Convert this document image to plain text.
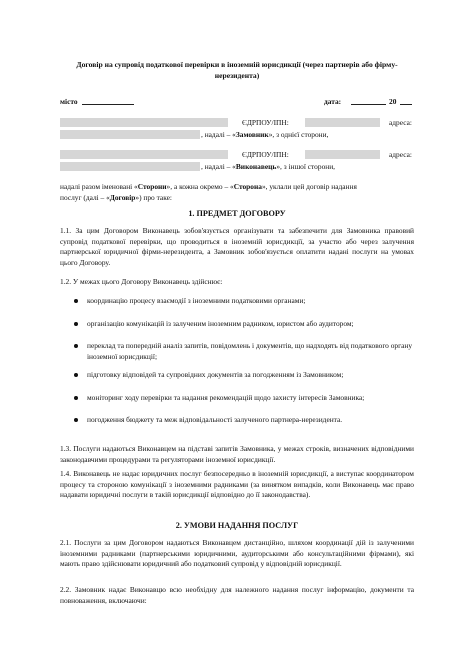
Договір на супровід податкової перевірки в іноземній юрисдикції (через партнерів або фірму-нерезидента)
місто	дата:	20
ЄДРПОУ/ІПН:	адреса:
, надалі – «Замовник», з однієї сторони,
ЄДРПОУ/ІПН:	адреса:
, надалі – «Виконавець», з іншої сторони,
надалі разом іменовані «Сторони», а кожна окремо – «Сторона», уклали цей договір надання
послуг (далі – «Договір») про таке:
1. ПРЕДМЕТ ДОГОВОРУ
1.1. За цим Договором Виконавець зобов'язується організувати та забезпечити для Замовника правовий супровід податкової перевірки, що проводиться в іноземній юрисдикції, за участю або через залучення партнерської юридичної фірми-нерезидента, а Замовник зобов'язується оплатити надані послуги на умовах цього Договору.
1.2. У межах цього Договору Виконавець здійснює:
координацію процесу взаємодії з іноземними податковими органами;
організацію комунікацій із залученим іноземним радником, юристом або аудитором;
переклад та попередній аналіз запитів, повідомлень і документів, що надходять від податкового органу іноземної юрисдикції;
підготовку відповідей та супровідних документів за погодженням із Замовником;
моніторинг ходу перевірки та надання рекомендацій щодо захисту інтересів Замовника;
погодження бюджету та меж відповідальності залученого партнера-нерезидента.
1.3. Послуги надаються Виконавцем на підставі запитів Замовника, у межах строків, визначених відповідними законодавчими процедурами та регуляторами іноземної юрисдикції.
1.4. Виконавець не надає юридичних послуг безпосередньо в іноземній юрисдикції, а виступає координатором процесу та стороною комунікації з іноземними радниками (за винятком випадків, коли Виконавець має право надавати юридичні послуги в такій юрисдикції відповідно до її законодавства).
2. УМОВИ НАДАННЯ ПОСЛУГ
2.1. Послуги за цим Договором надаються Виконавцем дистанційно, шляхом координації дій із залученими іноземними радниками (партнерськими юридичними, аудиторськими або консультаційними фірмами), які мають право здійснювати юридичний або податковий супровід у відповідній юрисдикції.
2.2. Замовник надає Виконавцю всю необхідну для належного надання послуг інформацію, документи та повноваження, включаючи:
